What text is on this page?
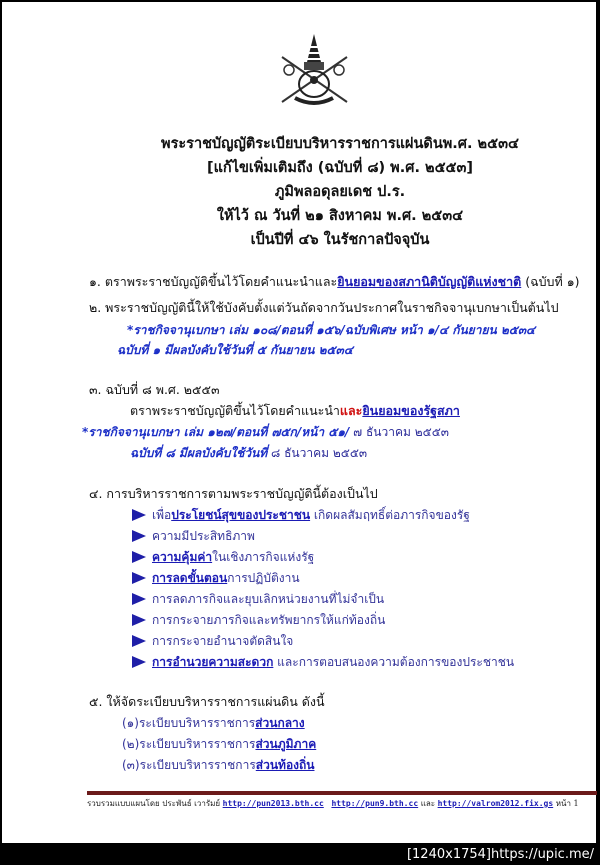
พระราชบัญญัติระเบียบบริหารราชการแผ่นดินพ.ศ. ๒๕๓๔
[แก้ไขเพิ่มเติมถึง (ฉบับที่ ๘) พ.ศ. ๒๕๕๓]
ภูมิพลอดุลยเดช ป.ร.
ให้ไว้ ณ วันที่ ๒๑ สิงหาคม พ.ศ. ๒๕๓๔
เป็นปีที่ ๔๖ ในรัชกาลปัจจุบัน
๑. ตราพระราชบัญญัติขึ้นไว้โดยคำแนะนำและยินยอมของสภานิติบัญญัติแห่งชาติ (ฉบับที่ ๑)
๒. พระราชบัญญัตินี้ให้ใช้บังคับตั้งแต่วันถัดจากวันประกาศในราชกิจจานุเบกษาเป็นต้นไป
*ราชกิจจานุเบกษา เล่ม ๑๐๘/ตอนที่ ๑๕๖/ฉบับพิเศษ หน้า ๑/๔ กันยายน ๒๕๓๔
ฉบับที่ ๑ มีผลบังคับใช้วันที่ ๕ กันยายน ๒๕๓๔
๓. ฉบับที่ ๘ พ.ศ. ๒๕๕๓
ตราพระราชบัญญัติขึ้นไว้โดยคำแนะนำและยินยอมของรัฐสภา
*ราชกิจจานุเบกษา เล่ม ๑๒๗/ตอนที่ ๗๕ก/หน้า ๕๑/ ๗ ธันวาคม ๒๕๕๓
ฉบับที่ ๘ มีผลบังคับใช้วันที่ ๘ ธันวาคม ๒๕๕๓
๔. การบริหารราชการตามพระราชบัญญัตินี้ต้องเป็นไป
เพื่อประโยชน์สุขของประชาชน เกิดผลสัมฤทธิ์ต่อภารกิจของรัฐ
ความมีประสิทธิภาพ
ความคุ้มค่าในเชิงภารกิจแห่งรัฐ
การลดขั้นตอนการปฏิบัติงาน
การลดภารกิจและยุบเลิกหน่วยงานที่ไม่จำเป็น
การกระจายภารกิจและทรัพยากรให้แก่ท้องถิ่น
การกระจายอำนาจตัดสินใจ
การอำนวยความสะดวก และการตอบสนองความต้องการของประชาชน
๕. ให้จัดระเบียบบริหารราชการแผ่นดิน ดังนี้
(๑)ระเบียบบริหารราชการส่วนกลาง
(๒)ระเบียบบริหารราชการส่วนภูมิภาค
(๓)ระเบียบบริหารราชการส่วนท้องถิ่น
รวบรวมแบบแผนโดย ประพันธ์ เวารัมย์ http://pun2013.bth.cc http://pun9.bth.cc และ http://valrom2012.fix.gs หน้า 1
[1240x1754]https://upic.me/
